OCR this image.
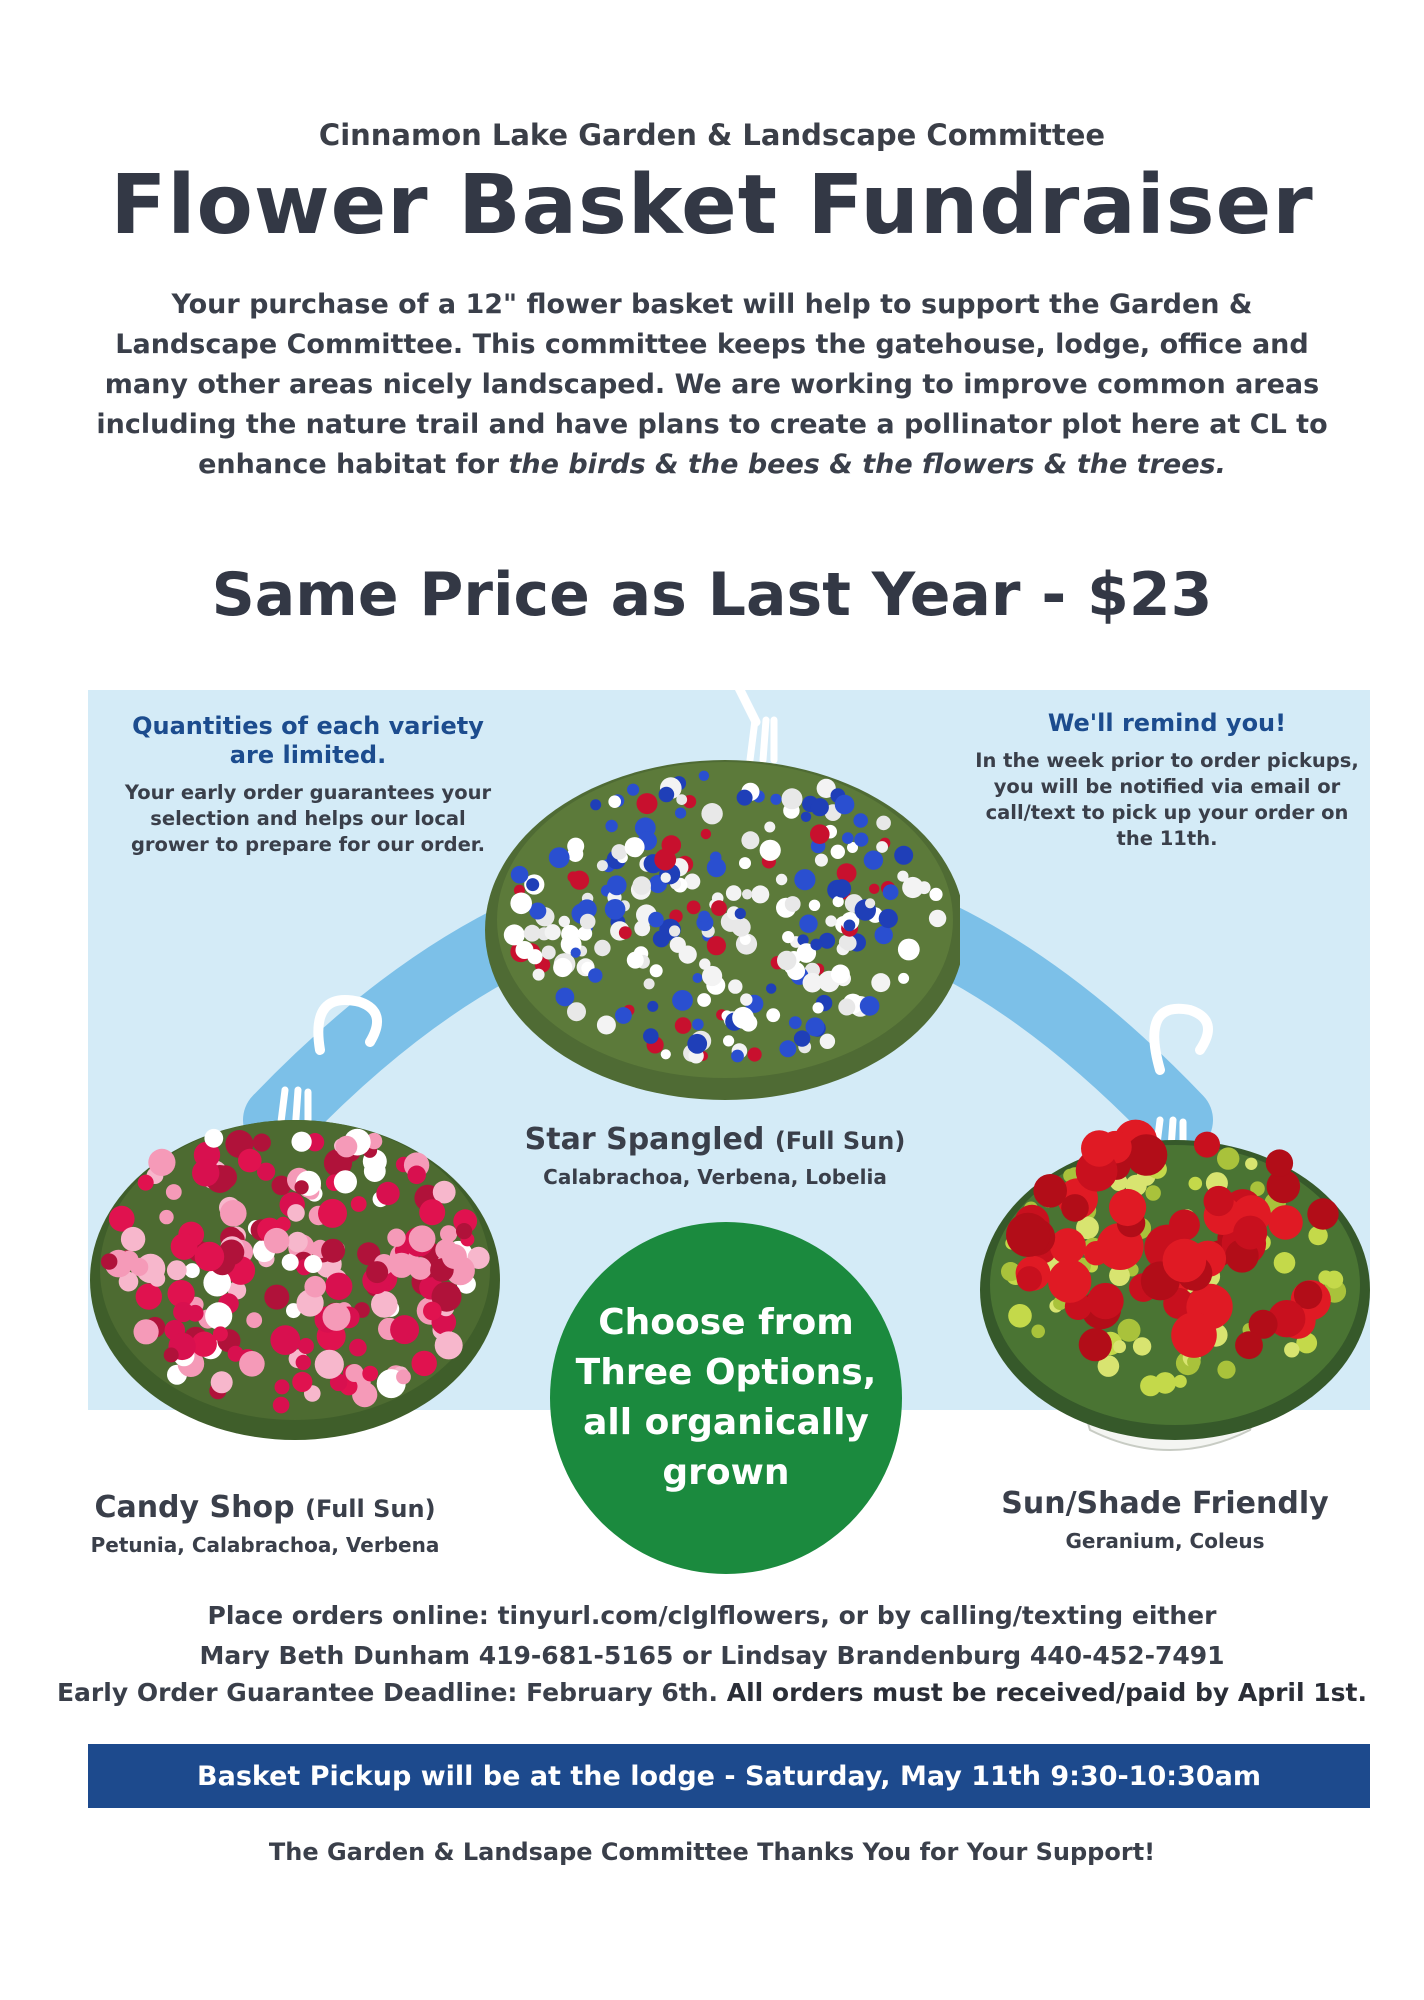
Cinnamon Lake Garden & Landscape Committee
Flower Basket Fundraiser
Your purchase of a 12" flower basket will help to support the Garden & Landscape Committee. This committee keeps the gatehouse, lodge, office and many other areas nicely landscaped. We are working to improve common areas including the nature trail and have plans to create a pollinator plot here at CL to enhance habitat for the birds & the bees & the flowers & the trees.
Same Price as Last Year - $23
Quantities of each variety are limited.
Your early order guarantees your selection and helps our local grower to prepare for our order.
We'll remind you!
In the week prior to order pickups, you will be notified via email or call/text to pick up your order on the 11th.
Star Spangled (Full Sun)
Calabrachoa, Verbena, Lobelia
Candy Shop (Full Sun)
Petunia, Calabrachoa, Verbena
Sun/Shade Friendly
Geranium, Coleus
Choose from
Three Options,
all organically
grown
Place orders online: tinyurl.com/clglflowers, or by calling/texting either
Mary Beth Dunham 419-681-5165 or Lindsay Brandenburg 440-452-7491
Early Order Guarantee Deadline: February 6th. All orders must be received/paid by April 1st.
Basket Pickup will be at the lodge - Saturday, May 11th 9:30-10:30am
The Garden & Landsape Committee Thanks You for Your Support!
